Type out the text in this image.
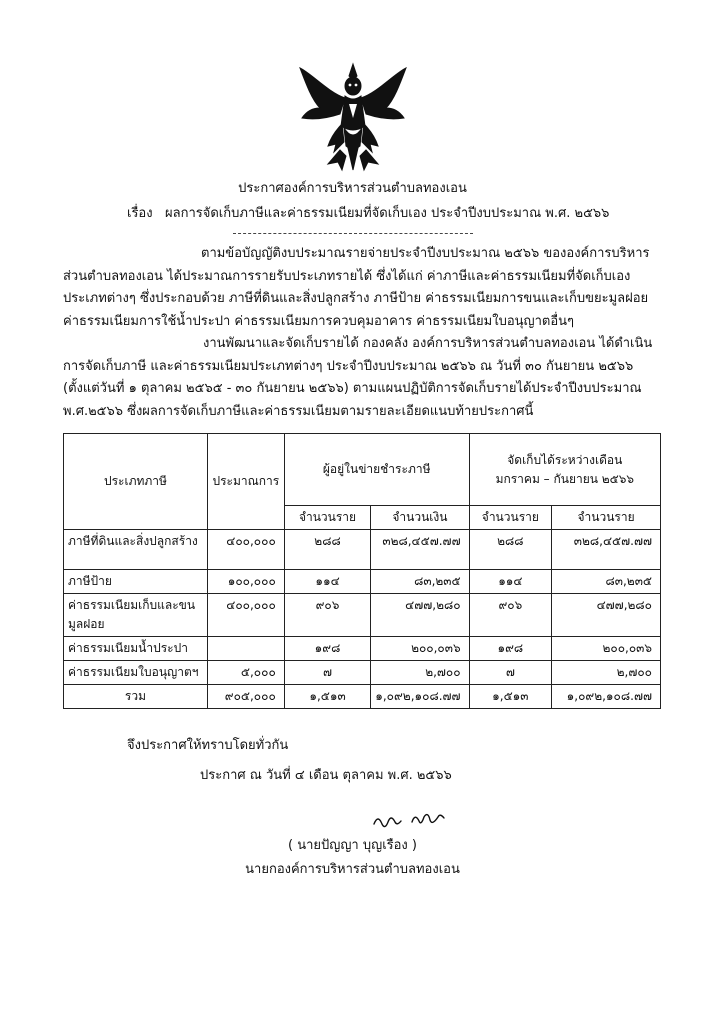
ประกาศองค์การบริหารส่วนตำบลทองเอน
เรื่อง ผลการจัดเก็บภาษีและค่าธรรมเนียมที่จัดเก็บเอง ประจำปีงบประมาณ พ.ศ. ๒๕๖๖
ตามข้อบัญญัติงบประมาณรายจ่ายประจำปีงบประมาณ ๒๕๖๖ ขององค์การบริหารส่วนตำบลทองเอน ได้ประมาณการรายรับประเภทรายได้ ซึ่งได้แก่ ค่าภาษีและค่าธรรมเนียมที่จัดเก็บเองประเภทต่างๆ ซึ่งประกอบด้วย ภาษีที่ดินและสิ่งปลูกสร้าง ภาษีป้าย ค่าธรรมเนียมการขนและเก็บขยะมูลฝอย ค่าธรรมเนียมการใช้น้ำประปา ค่าธรรมเนียมการควบคุมอาคาร ค่าธรรมเนียมใบอนุญาตอื่นๆ
งานพัฒนาและจัดเก็บรายได้ กองคลัง องค์การบริหารส่วนตำบลทองเอน ได้ดำเนินการจัดเก็บภาษี และค่าธรรมเนียมประเภทต่างๆ ประจำปีงบประมาณ ๒๕๖๖ ณ วันที่ ๓๐ กันยายน ๒๕๖๖ (ตั้งแต่วันที่ ๑ ตุลาคม ๒๕๖๕ - ๓๐ กันยายน ๒๕๖๖) ตามแผนปฏิบัติการจัดเก็บรายได้ประจำปีงบประมาณ พ.ศ.๒๕๖๖ ซึ่งผลการจัดเก็บภาษีและค่าธรรมเนียมตามรายละเอียดแนบท้ายประกาศนี้
ประเภทภาษี	ประมาณการ	ผู้อยู่ในข่ายชำระภาษี		จัดเก็บได้ระหว่างเดือน
มกราคม – กันยายน ๒๕๖๖	
		จำนวนราย	จำนวนเงิน	จำนวนราย	จำนวนราย
ภาษีที่ดินและสิ่งปลูกสร้าง	๔๐๐,๐๐๐	๒๘๘	๓๒๘,๔๕๗.๗๗	๒๘๘	๓๒๘,๔๕๗.๗๗
ภาษีป้าย	๑๐๐,๐๐๐	๑๑๔	๘๓,๒๓๕	๑๑๔	๘๓,๒๓๕
ค่าธรรมเนียมเก็บและขนมูลฝอย	๔๐๐,๐๐๐	๙๐๖	๔๗๗,๒๘๐	๙๐๖	๔๗๗,๒๘๐
ค่าธรรมเนียมน้ำประปา		๑๙๘	๒๐๐,๐๓๖	๑๙๘	๒๐๐,๐๓๖
ค่าธรรมเนียมใบอนุญาตฯ	๕,๐๐๐	๗	๒,๗๐๐	๗	๒,๗๐๐
รวม	๙๐๕,๐๐๐	๑,๕๑๓	๑,๐๙๒,๑๐๘.๗๗	๑,๕๑๓	๑,๐๙๒,๑๐๘.๗๗
จึงประกาศให้ทราบโดยทั่วกัน
ประกาศ ณ วันที่ ๔ เดือน ตุลาคม พ.ศ. ๒๕๖๖
( นายปัญญา บุญเรือง )
นายกองค์การบริหารส่วนตำบลทองเอน
